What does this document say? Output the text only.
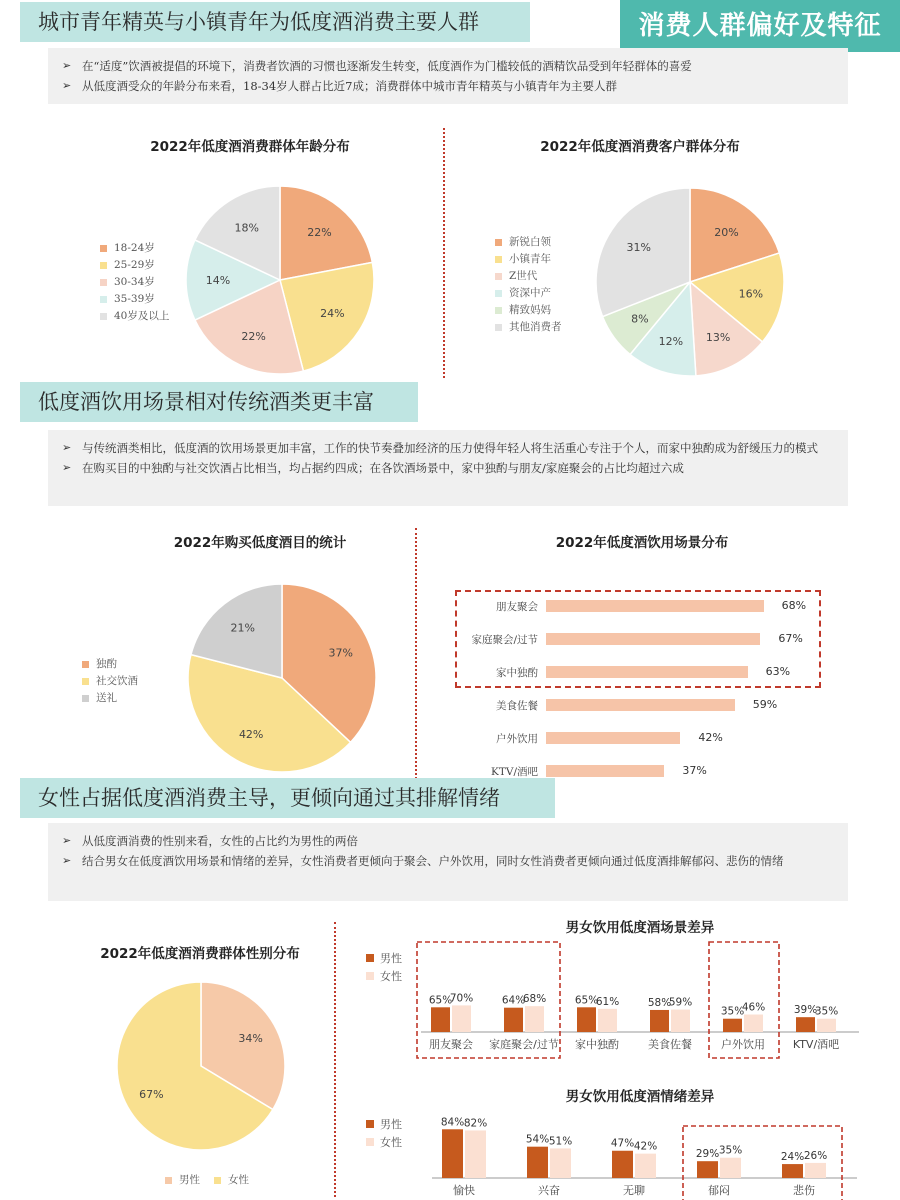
消费人群偏好及特征
城市青年精英与小镇青年为低度酒消费主要人群
➢ 在“适度”饮酒被提倡的环境下，消费者饮酒的习惯也逐渐发生转变，低度酒作为门槛较低的酒精饮品受到年轻群体的喜爱
➢ 从低度酒受众的年龄分布来看，18-34岁人群占比近7成；消费群体中城市青年精英与小镇青年为主要人群
2022年低度酒消费群体年龄分布
22%
24%
22%
14%
18%
18-24岁
25-29岁
30-34岁
35-39岁
40岁及以上
2022年低度酒消费客户群体分布
20%
16%
13%
12%
8%
31%
新锐白领
小镇青年
Z世代
资深中产
精致妈妈
其他消费者
低度酒饮用场景相对传统酒类更丰富
➢ 与传统酒类相比，低度酒的饮用场景更加丰富，工作的快节奏叠加经济的压力使得年轻人将生活重心专注于个人，而家中独酌成为舒缓压力的模式
➢ 在购买目的中独酌与社交饮酒占比相当，均占据约四成；在各饮酒场景中，家中独酌与朋友/家庭聚会的占比均超过六成
2022年购买低度酒目的统计
37%
42%
21%
独酌
社交饮酒
送礼
2022年低度酒饮用场景分布
朋友聚会	68%
家庭聚会/过节	67%
家中独酌	63%
美食佐餐	59%
户外饮用	42%
KTV/酒吧	37%
女性占据低度酒消费主导，更倾向通过其排解情绪
➢ 从低度酒消费的性别来看，女性的占比约为男性的两倍
➢ 结合男女在低度酒饮用场景和情绪的差异，女性消费者更倾向于聚会、户外饮用，同时女性消费者更倾向通过低度酒排解郁闷、悲伤的情绪
2022年低度酒消费群体性别分布
34%
67%
男性	女性
男女饮用低度酒场景差异
男性
女性
65%
70%
朋友聚会
64%
68%
家庭聚会/过节
65%
61%
家中独酌
58%
59%
美食佐餐
35%
46%
户外饮用
39%
35%
KTV/酒吧
男女饮用低度酒情绪差异
男性
女性
84% 82%
愉快
54% 51%
兴奋
47% 42%
无聊
29% 35%
郁闷
24% 26%
悲伤
